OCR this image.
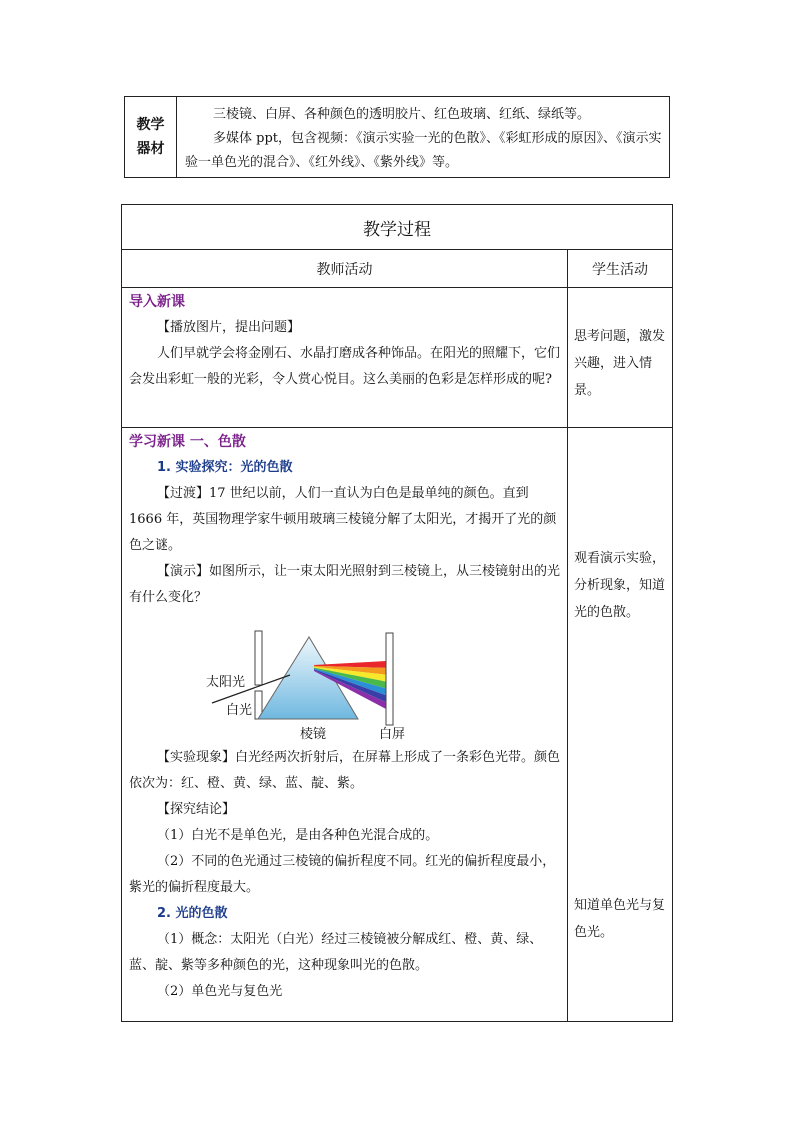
教学
器材

三棱镜、白屏、各种颜色的透明胶片、红色玻璃、红纸、绿纸等。

多媒体 ppt，包含视频：《演示实验一光的色散》、《彩虹形成的原因》、《演示实验一单色光的混合》、《红外线》、《紫外线》等。

教学过程
教师活动	学生活动

导入新课

【播放图片，提出问题】

人们早就学会将金刚石、水晶打磨成各种饰品。在阳光的照耀下，它们会发出彩虹一般的光彩，令人赏心悦目。这么美丽的色彩是怎样形成的呢?

思考问题，激发兴趣，进入情景。

学习新课 一、色散

1. 实验探究：光的色散

【过渡】17 世纪以前，人们一直认为白色是最单纯的颜色。直到 1666 年，英国物理学家牛顿用玻璃三棱镜分解了太阳光，才揭开了光的颜色之谜。

【演示】如图所示，让一束太阳光照射到三棱镜上，从三棱镜射出的光有什么变化？

太阳光
白光
棱镜	白屏

【实验现象】白光经两次折射后，在屏幕上形成了一条彩色光带。颜色依次为：红、橙、黄、绿、蓝、靛、紫。

【探究结论】

（1）白光不是单色光，是由各种色光混合成的。

（2）不同的色光通过三棱镜的偏折程度不同。红光的偏折程度最小，紫光的偏折程度最大。

2. 光的色散

（1）概念：太阳光（白光）经过三棱镜被分解成红、橙、黄、绿、蓝、靛、紫等多种颜色的光，这种现象叫光的色散。

（2）单色光与复色光

观看演示实验，分析现象，知道光的色散。
知道单色光与复色光。
